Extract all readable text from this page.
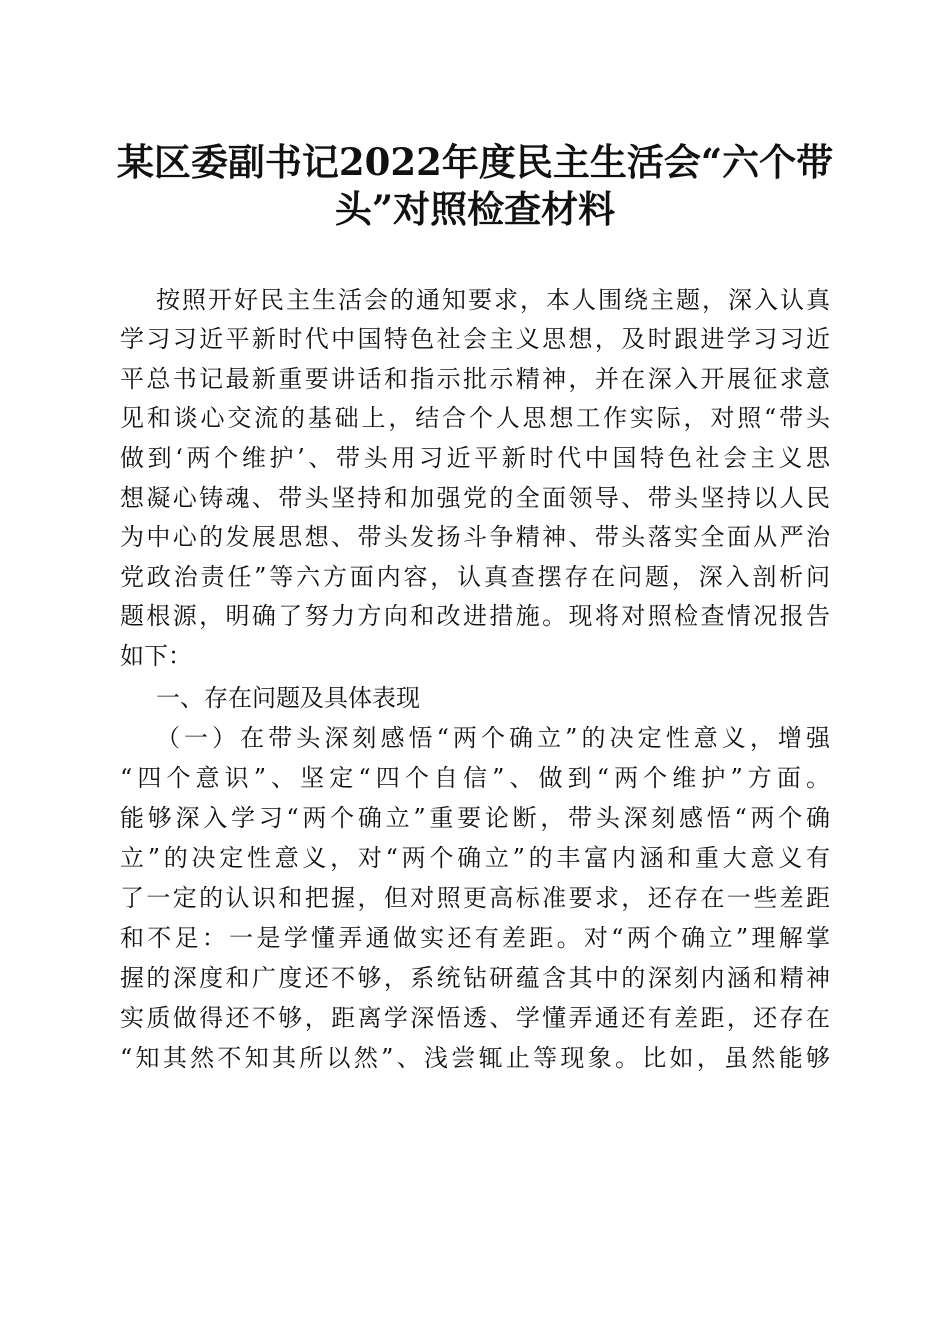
某区委副书记2022年度民主生活会“六个带
头”对照检查材料
按照开好民主生活会的通知要求，本人围绕主题，深入认真
学习习近平新时代中国特色社会主义思想，及时跟进学习习近
平总书记最新重要讲话和指示批示精神，并在深入开展征求意
见和谈心交流的基础上，结合个人思想工作实际，对照“带头
做到‘两个维护’、带头用习近平新时代中国特色社会主义思
想凝心铸魂、带头坚持和加强党的全面领导、带头坚持以人民
为中心的发展思想、带头发扬斗争精神、带头落实全面从严治
党政治责任”等六方面内容，认真查摆存在问题，深入剖析问
题根源，明确了努力方向和改进措施。现将对照检查情况报告
如下：
一、存在问题及具体表现
（一）在带头深刻感悟“两个确立”的决定性意义，增强
“四个意识”、坚定“四个自信”、做到“两个维护”方面。
能够深入学习“两个确立”重要论断，带头深刻感悟“两个确
立”的决定性意义，对“两个确立”的丰富内涵和重大意义有
了一定的认识和把握，但对照更高标准要求，还存在一些差距
和不足：一是学懂弄通做实还有差距。对“两个确立”理解掌
握的深度和广度还不够，系统钻研蕴含其中的深刻内涵和精神
实质做得还不够，距离学深悟透、学懂弄通还有差距，还存在
“知其然不知其所以然”、浅尝辄止等现象。比如，虽然能够
